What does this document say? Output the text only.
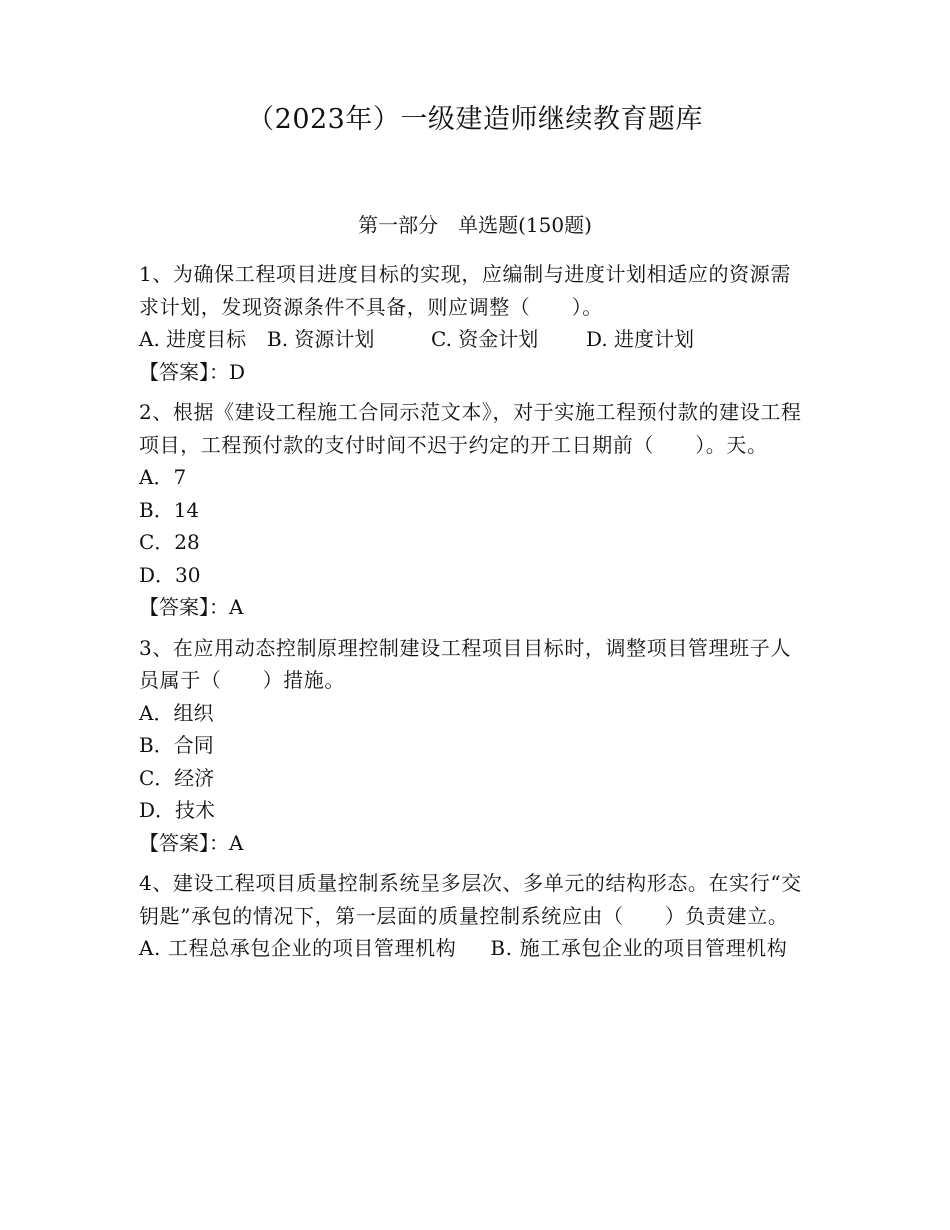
（2023年）一级建造师继续教育题库
第一部分　单选题(150题)
1、为确保工程项目进度目标的实现，应编制与进度计划相适应的资源需求计划，发现资源条件不具备，则应调整（　　）。
A. 进度目标	B. 资源计划	C. 资金计划	D. 进度计划
【答案】：D
2、根据《建设工程施工合同示范文本》，对于实施工程预付款的建设工程项目，工程预付款的支付时间不迟于约定的开工日期前（　　）。天。
A．7
B．14
C．28
D．30
【答案】：A
3、在应用动态控制原理控制建设工程项目目标时，调整项目管理班子人员属于（　　）措施。
A．组织
B．合同
C．经济
D．技术
【答案】：A
4、建设工程项目质量控制系统呈多层次、多单元的结构形态。在实行“交钥匙”承包的情况下，第一层面的质量控制系统应由（　　）负责建立。
A. 工程总承包企业的项目管理机构 B. 施工承包企业的项目管理机构
